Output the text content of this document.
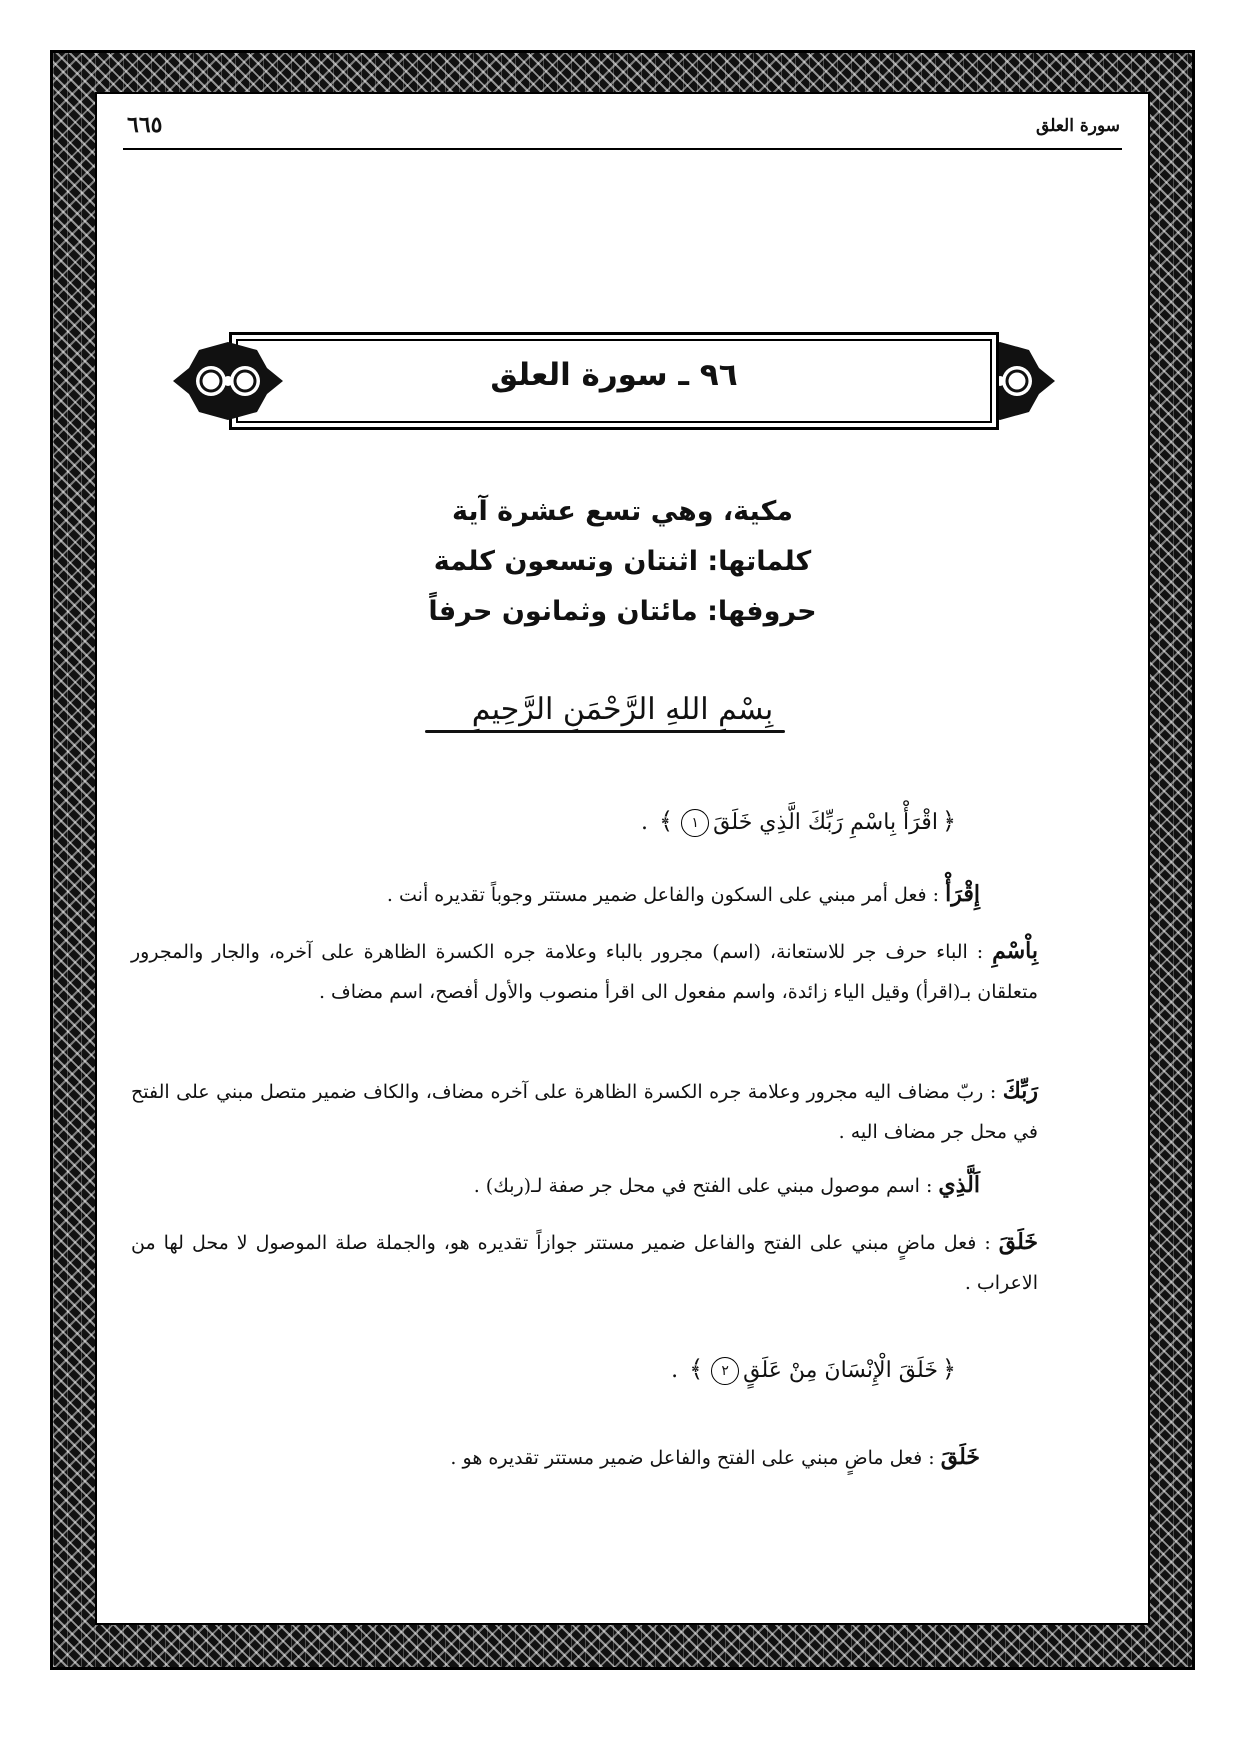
سورة العلق
٦٦٥
٩٦ ـ سورة العلق
مكية، وهي تسع عشرة آية
كلماتها: اثنتان وتسعون كلمة
حروفها: مائتان وثمانون حرفاً
بِسْمِ اللهِ الرَّحْمَنِ الرَّحِيمِ
﴿اقْرَأْ بِاسْمِ رَبِّكَ الَّذِي خَلَقَ١﴾ .
إِقْرَأْ : فعل أمر مبني على السكون والفاعل ضمير مستتر وجوباً تقديره أنت .
بِاْسْمِ : الباء حرف جر للاستعانة، (اسم) مجرور بالباء وعلامة جره الكسرة الظاهرة على آخره، والجار والمجرور متعلقان بـ(اقرأ) وقيل الياء زائدة، واسم مفعول الى اقرأ منصوب والأول أفصح، اسم مضاف .
رَبِّكَ : ربّ مضاف اليه مجرور وعلامة جره الكسرة الظاهرة على آخره مضاف، والكاف ضمير متصل مبني على الفتح في محل جر مضاف اليه .
اَلَّذِي : اسم موصول مبني على الفتح في محل جر صفة لـ(ربك) .
خَلَقَ : فعل ماضٍ مبني على الفتح والفاعل ضمير مستتر جوازاً تقديره هو، والجملة صلة الموصول لا محل لها من الاعراب .
﴿خَلَقَ الْإِنْسَانَ مِنْ عَلَقٍ٢﴾ .
خَلَقَ : فعل ماضٍ مبني على الفتح والفاعل ضمير مستتر تقديره هو .
